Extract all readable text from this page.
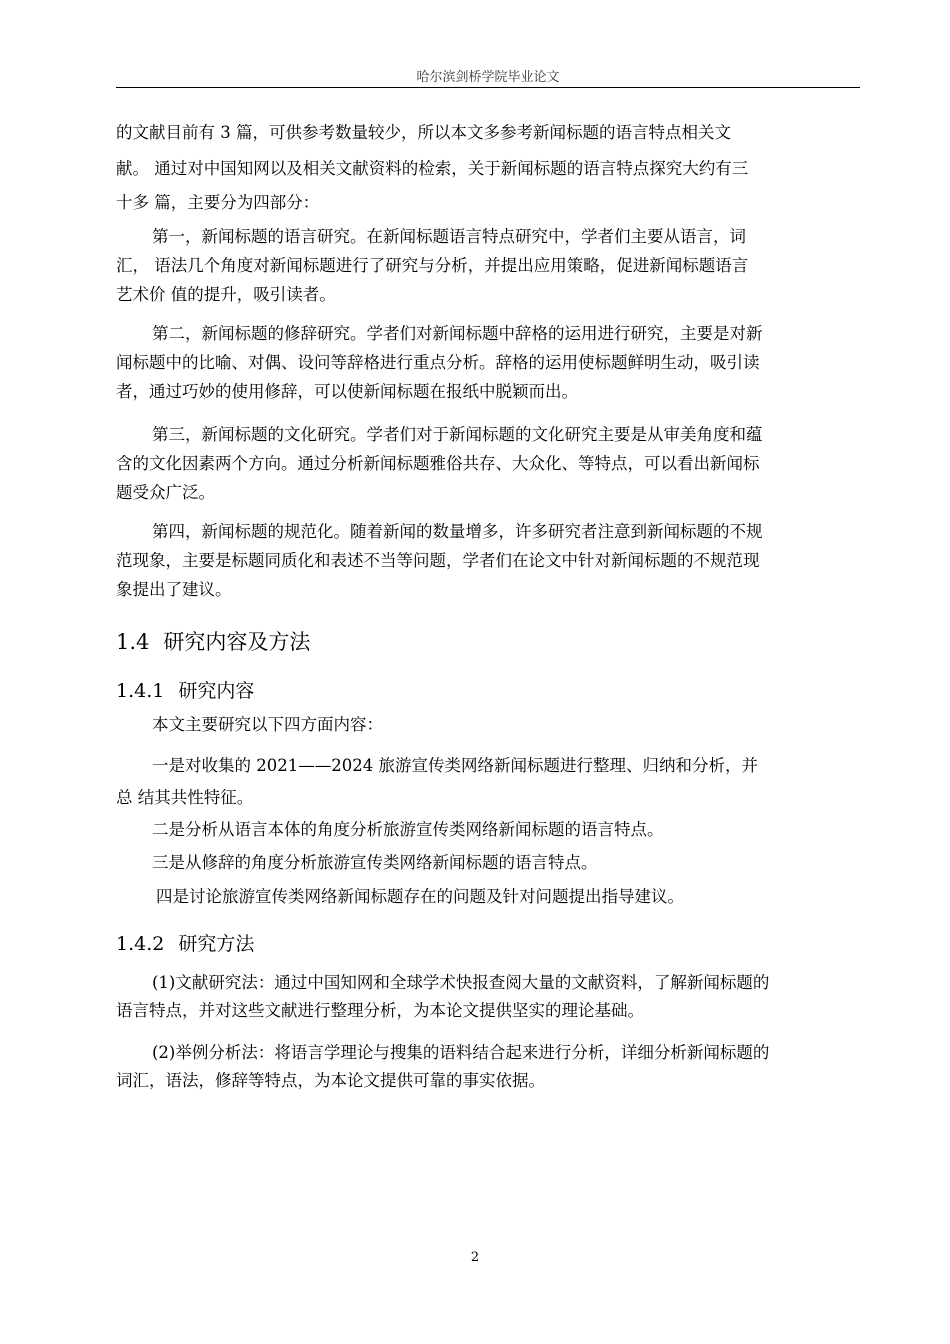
哈尔滨剑桥学院毕业论文
的文献目前有 3 篇，可供参考数量较少，所以本文多参考新闻标题的语言特点相关文
献。 通过对中国知网以及相关文献资料的检索，关于新闻标题的语言特点探究大约有三
十多 篇，主要分为四部分：
第一，新闻标题的语言研究。在新闻标题语言特点研究中，学者们主要从语言，词
汇， 语法几个角度对新闻标题进行了研究与分析，并提出应用策略，促进新闻标题语言
艺术价 值的提升，吸引读者。
第二，新闻标题的修辞研究。学者们对新闻标题中辞格的运用进行研究，主要是对新
闻标题中的比喻、对偶、设问等辞格进行重点分析。辞格的运用使标题鲜明生动，吸引读
者，通过巧妙的使用修辞，可以使新闻标题在报纸中脱颖而出。
第三，新闻标题的文化研究。学者们对于新闻标题的文化研究主要是从审美角度和蕴
含的文化因素两个方向。通过分析新闻标题雅俗共存、大众化、等特点，可以看出新闻标
题受众广泛。
第四，新闻标题的规范化。随着新闻的数量增多，许多研究者注意到新闻标题的不规
范现象，主要是标题同质化和表述不当等问题，学者们在论文中针对新闻标题的不规范现
象提出了建议。
1.4 研究内容及方法
1.4.1 研究内容
本文主要研究以下四方面内容：
一是对收集的 2021——2024 旅游宣传类网络新闻标题进行整理、归纳和分析，并
总 结其共性特征。
二是分析从语言本体的角度分析旅游宣传类网络新闻标题的语言特点。
三是从修辞的角度分析旅游宣传类网络新闻标题的语言特点。
四是讨论旅游宣传类网络新闻标题存在的问题及针对问题提出指导建议。
1.4.2 研究方法
(1)文献研究法：通过中国知网和全球学术快报查阅大量的文献资料，了解新闻标题的
语言特点，并对这些文献进行整理分析，为本论文提供坚实的理论基础。
(2)举例分析法：将语言学理论与搜集的语料结合起来进行分析，详细分析新闻标题的
词汇，语法，修辞等特点，为本论文提供可靠的事实依据。
2
